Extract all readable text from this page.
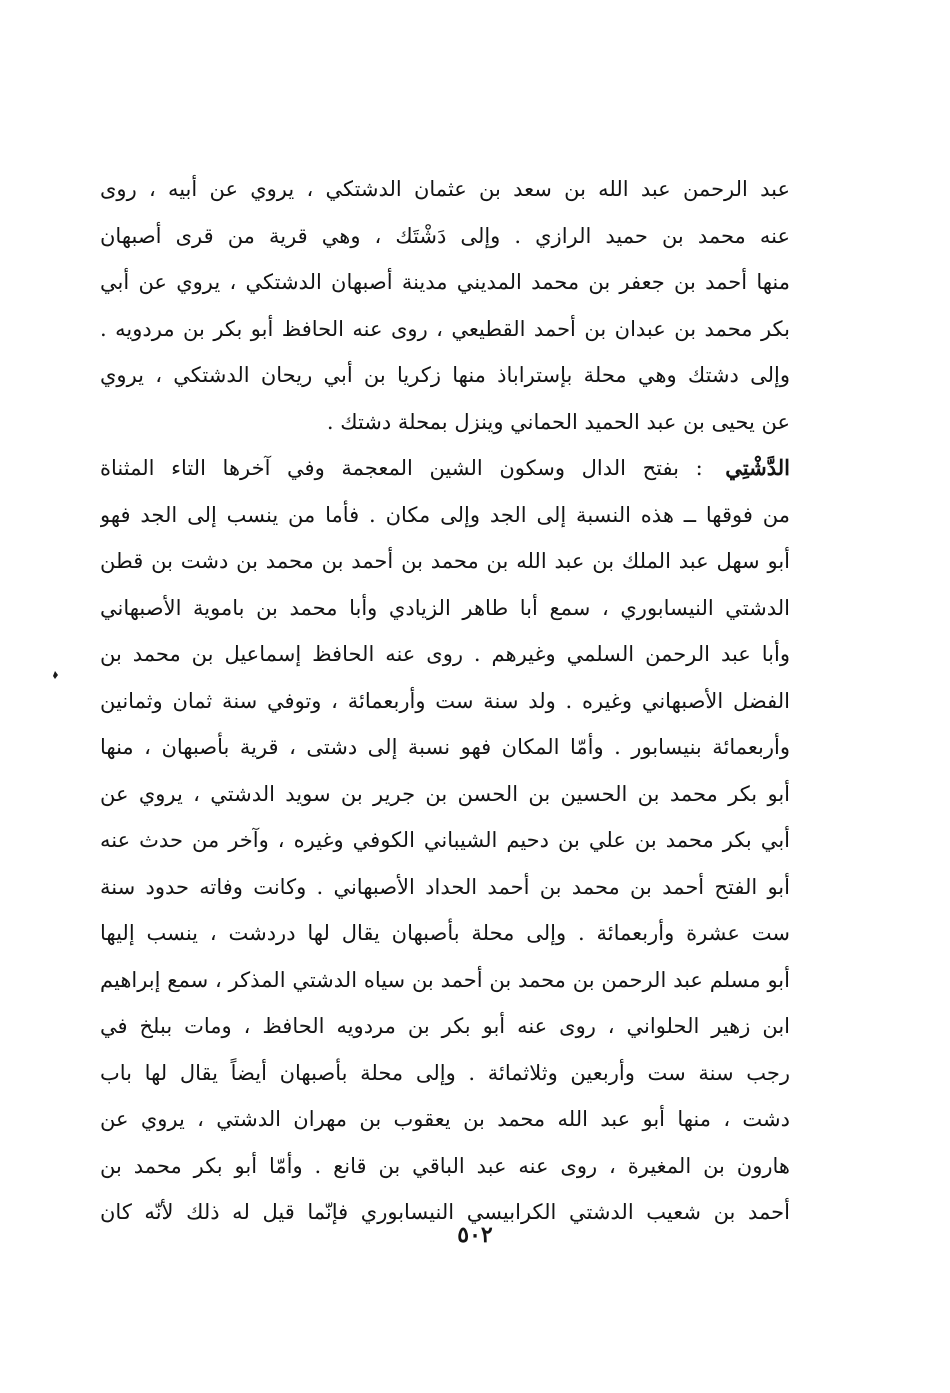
عبد الرحمن عبد الله بن سعد بن عثمان الدشتكي ، يروي عن أبيه ، روى
عنه محمد بن حميد الرازي . وإلى دَشْتَك ، وهي قرية من قرى أصبهان
منها أحمد بن جعفر بن محمد المديني مدينة أصبهان الدشتكي ، يروي عن أبي
بكر محمد بن عبدان بن أحمد القطيعي ، روى عنه الحافظ أبو بكر بن مردويه .
وإلى دشتك وهي محلة بإستراباذ منها زكريا بن أبي ريحان الدشتكي ، يروي
عن يحيى بن عبد الحميد الحماني وينزل بمحلة دشتك .
الدَّشْتِي : بفتح الدال وسكون الشين المعجمة وفي آخرها التاء المثناة
من فوقها ــ هذه النسبة إلى الجد وإلى مكان . فأما من ينسب إلى الجد فهو
أبو سهل عبد الملك بن عبد الله بن محمد بن أحمد بن محمد بن دشت بن قطن
الدشتي النيسابوري ، سمع أبا طاهر الزيادي وأبا محمد بن باموية الأصبهاني
وأبا عبد الرحمن السلمي وغيرهم . روى عنه الحافظ إسماعيل بن محمد بن
الفضل الأصبهاني وغيره . ولد سنة ست وأربعمائة ، وتوفي سنة ثمان وثمانين
وأربعمائة بنيسابور . وأمّا المكان فهو نسبة إلى دشتى ، قرية بأصبهان ، منها
أبو بكر محمد بن الحسين بن الحسن بن جرير بن سويد الدشتي ، يروي عن
أبي بكر محمد بن علي بن دحيم الشيباني الكوفي وغيره ، وآخر من حدث عنه
أبو الفتح أحمد بن محمد بن أحمد الحداد الأصبهاني . وكانت وفاته حدود سنة
ست عشرة وأربعمائة . وإلى محلة بأصبهان يقال لها دردشت ، ينسب إليها
أبو مسلم عبد الرحمن بن محمد بن أحمد بن سياه الدشتي المذكر ، سمع إبراهيم
ابن زهير الحلواني ، روى عنه أبو بكر بن مردويه الحافظ ، ومات ببلخ في
رجب سنة ست وأربعين وثلاثمائة . وإلى محلة بأصبهان أيضاً يقال لها باب
دشت ، منها أبو عبد الله محمد بن يعقوب بن مهران الدشتي ، يروي عن
هارون بن المغيرة ، روى عنه عبد الباقي بن قانع . وأمّا أبو بكر محمد بن
أحمد بن شعيب الدشتي الكرابيسي النيسابوري فإنّما قيل له ذلك لأنّه كان
٥٠٢
